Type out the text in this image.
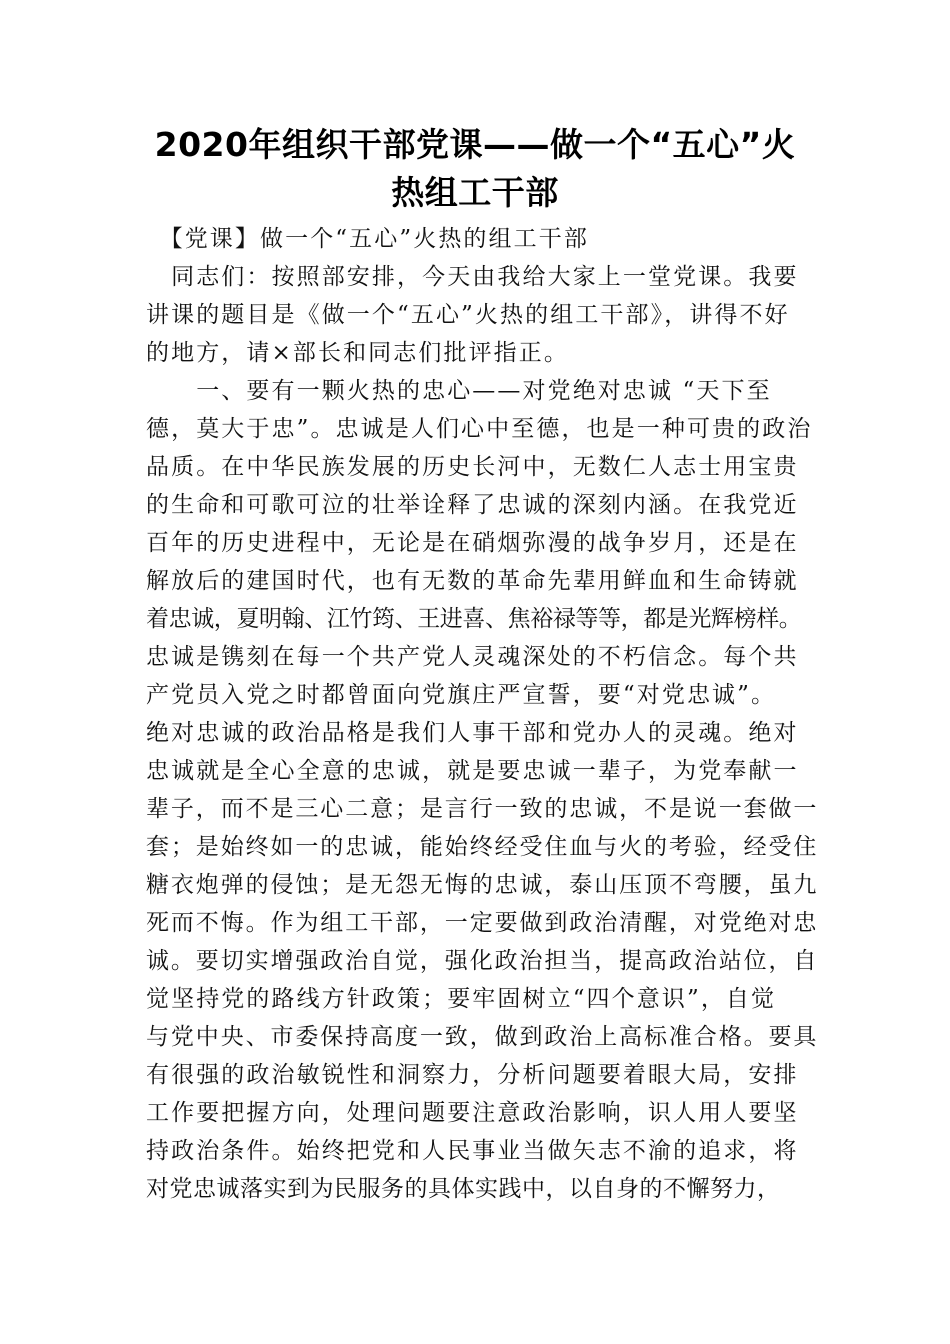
2020年组织干部党课——做一个“五心”火
热组工干部
　【党课】做一个“五心”火热的组工干部
　同志们：按照部安排，今天由我给大家上一堂党课。我要
讲课的题目是《做一个“五心”火热的组工干部》，讲得不好
的地方，请×部长和同志们批评指正。
　　一、要有一颗火热的忠心——对党绝对忠诚 “天下至
德，莫大于忠”。忠诚是人们心中至德，也是一种可贵的政治
品质。在中华民族发展的历史长河中，无数仁人志士用宝贵
的生命和可歌可泣的壮举诠释了忠诚的深刻内涵。在我党近
百年的历史进程中，无论是在硝烟弥漫的战争岁月，还是在
解放后的建国时代，也有无数的革命先辈用鲜血和生命铸就
着忠诚，夏明翰、江竹筠、王进喜、焦裕禄等等，都是光辉榜样。
忠诚是镌刻在每一个共产党人灵魂深处的不朽信念。每个共
产党员入党之时都曾面向党旗庄严宣誓，要“对党忠诚”。
绝对忠诚的政治品格是我们人事干部和党办人的灵魂。绝对
忠诚就是全心全意的忠诚，就是要忠诚一辈子，为党奉献一
辈子，而不是三心二意；是言行一致的忠诚，不是说一套做一
套；是始终如一的忠诚，能始终经受住血与火的考验，经受住
糖衣炮弹的侵蚀；是无怨无悔的忠诚，泰山压顶不弯腰，虽九
死而不悔。作为组工干部，一定要做到政治清醒，对党绝对忠
诚。要切实增强政治自觉，强化政治担当，提高政治站位，自
觉坚持党的路线方针政策；要牢固树立“四个意识”，自觉
与党中央、市委保持高度一致，做到政治上高标准合格。要具
有很强的政治敏锐性和洞察力，分析问题要着眼大局，安排
工作要把握方向，处理问题要注意政治影响，识人用人要坚
持政治条件。始终把党和人民事业当做矢志不渝的追求，将
对党忠诚落实到为民服务的具体实践中，以自身的不懈努力，
